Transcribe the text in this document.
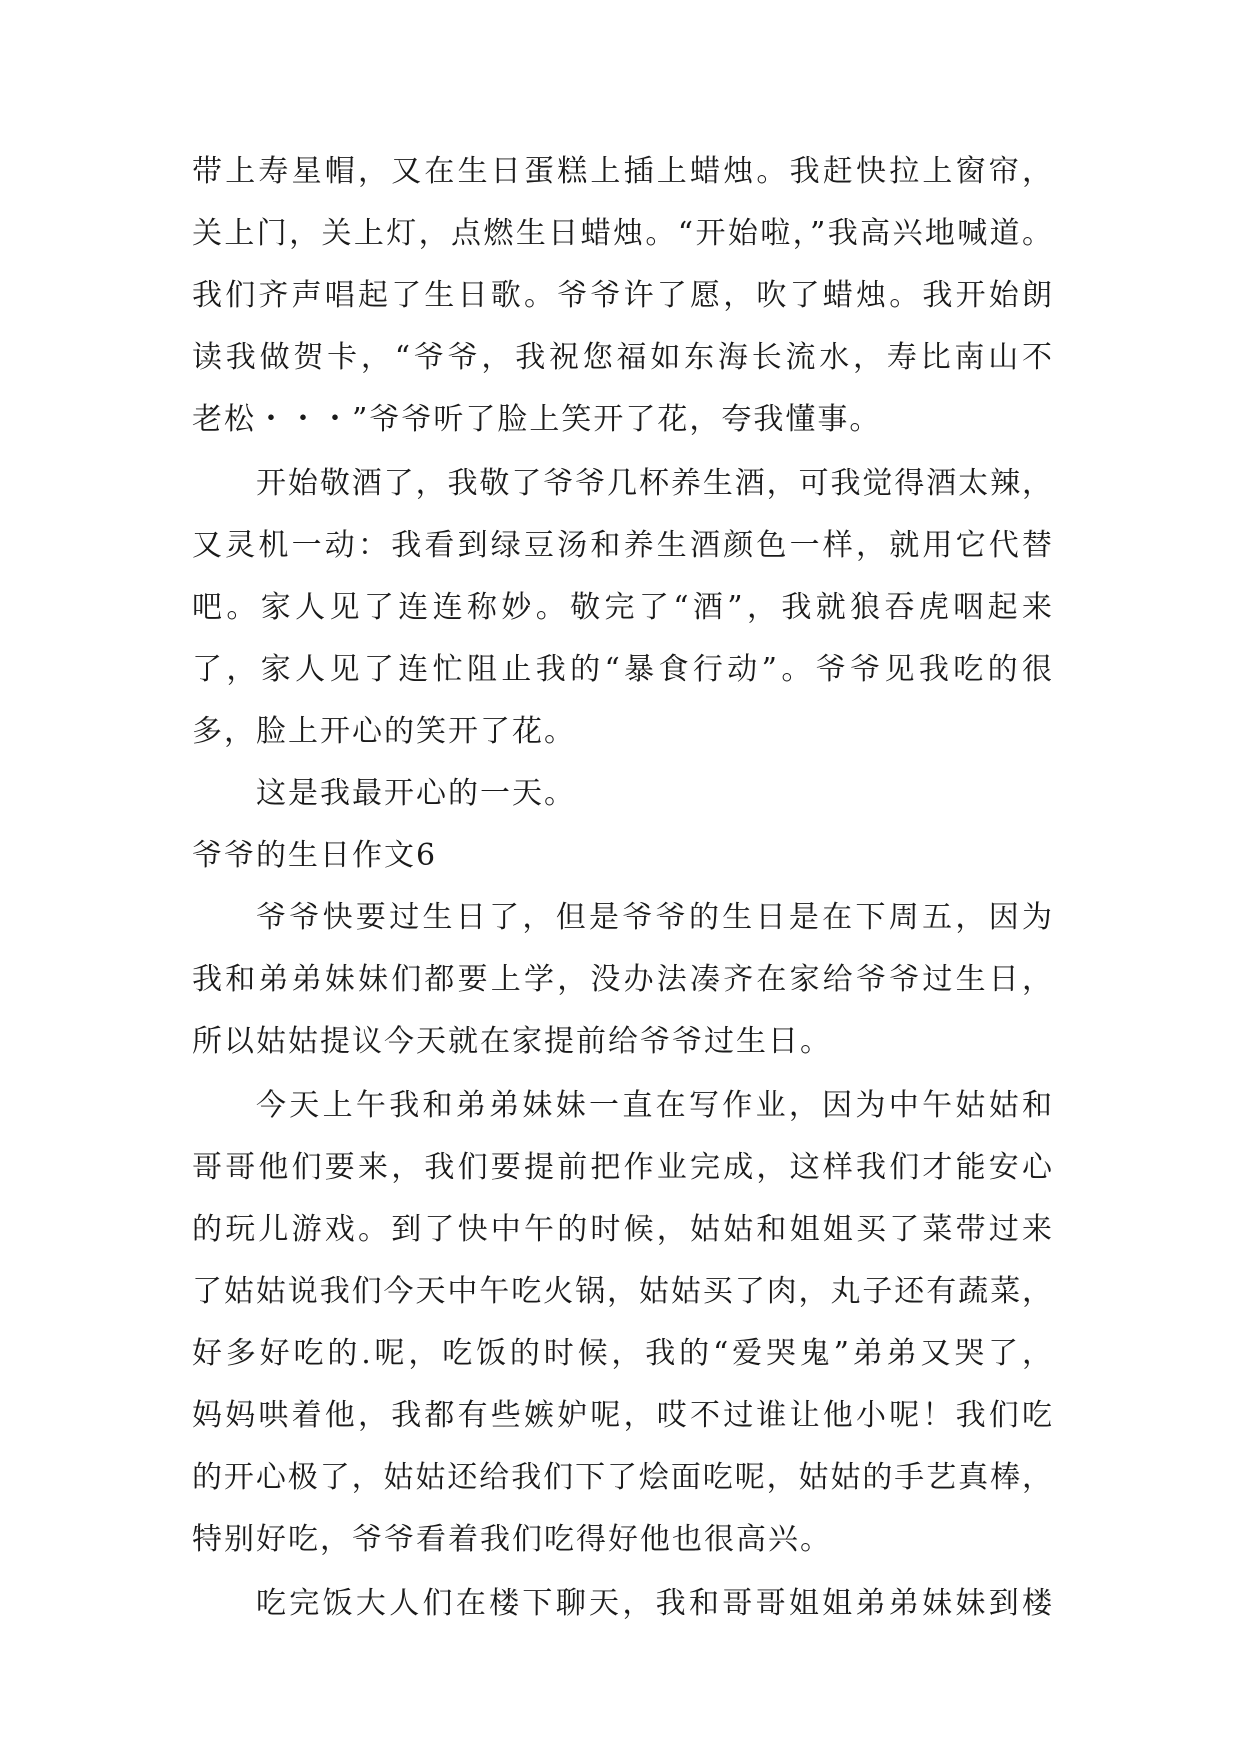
带上寿星帽，又在生日蛋糕上插上蜡烛。我赶快拉上窗帘，
关上门，关上灯，点燃生日蜡烛。“开始啦，”我高兴地喊道。
我们齐声唱起了生日歌。爷爷许了愿，吹了蜡烛。我开始朗
读我做贺卡，“爷爷，我祝您福如东海长流水，寿比南山不
老松・・・”爷爷听了脸上笑开了花，夸我懂事。
开始敬酒了，我敬了爷爷几杯养生酒，可我觉得酒太辣，
又灵机一动：我看到绿豆汤和养生酒颜色一样，就用它代替
吧。家人见了连连称妙。敬完了“酒”，我就狼吞虎咽起来
了，家人见了连忙阻止我的“暴食行动”。爷爷见我吃的很
多，脸上开心的笑开了花。
这是我最开心的一天。
爷爷的生日作文6
爷爷快要过生日了，但是爷爷的生日是在下周五，因为
我和弟弟妹妹们都要上学，没办法凑齐在家给爷爷过生日，
所以姑姑提议今天就在家提前给爷爷过生日。
今天上午我和弟弟妹妹一直在写作业，因为中午姑姑和
哥哥他们要来，我们要提前把作业完成，这样我们才能安心
的玩儿游戏。到了快中午的时候，姑姑和姐姐买了菜带过来
了姑姑说我们今天中午吃火锅，姑姑买了肉，丸子还有蔬菜，
好多好吃的.呢，吃饭的时候，我的“爱哭鬼”弟弟又哭了，
妈妈哄着他，我都有些嫉妒呢，哎不过谁让他小呢！我们吃
的开心极了，姑姑还给我们下了烩面吃呢，姑姑的手艺真棒，
特别好吃，爷爷看着我们吃得好他也很高兴。
吃完饭大人们在楼下聊天，我和哥哥姐姐弟弟妹妹到楼
